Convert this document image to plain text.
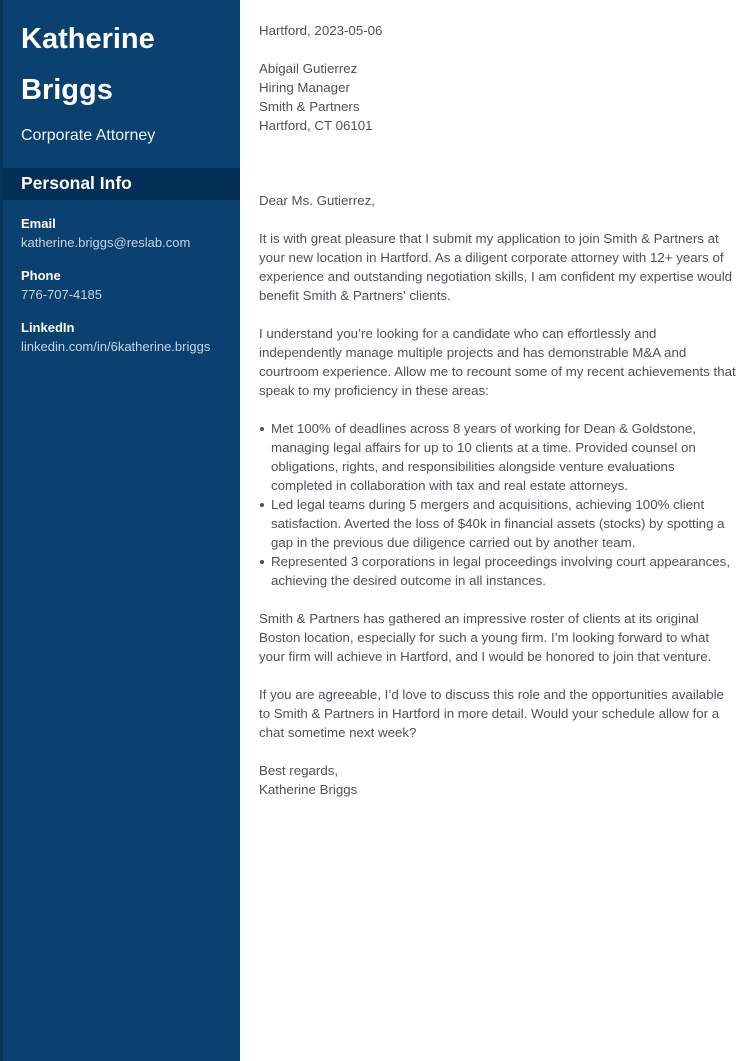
Katherine Briggs
Corporate Attorney
Personal Info
Email
katherine.briggs@reslab.com
Phone
776-707-4185
LinkedIn
linkedin.com/in/6katherine.briggs

Hartford, 2023-05-06

Abigail Gutierrez

Hiring Manager

Smith & Partners

Hartford, CT 06101

Dear Ms. Gutierrez,

It is with great pleasure that I submit my application to join Smith & Partners at your new location in Hartford. As a diligent corporate attorney with 12+ years of experience and outstanding negotiation skills, I am confident my expertise would benefit Smith & Partners' clients.

I understand you’re looking for a candidate who can effortlessly and independently manage multiple projects and has demonstrable M&A and courtroom experience. Allow me to recount some of my recent achievements that speak to my proficiency in these areas:

Met 100% of deadlines across 8 years of working for Dean & Goldstone, managing legal affairs for up to 10 clients at a time. Provided counsel on obligations, rights, and responsibilities alongside venture evaluations completed in collaboration with tax and real estate attorneys.
Led legal teams during 5 mergers and acquisitions, achieving 100% client satisfaction. Averted the loss of $40k in financial assets (stocks) by spotting a gap in the previous due diligence carried out by another team.
Represented 3 corporations in legal proceedings involving court appearances, achieving the desired outcome in all instances.

Smith & Partners has gathered an impressive roster of clients at its original Boston location, especially for such a young firm. I’m looking forward to what your firm will achieve in Hartford, and I would be honored to join that venture.

If you are agreeable, I’d love to discuss this role and the opportunities available to Smith & Partners in Hartford in more detail. Would your schedule allow for a chat sometime next week?

Best regards,

Katherine Briggs
